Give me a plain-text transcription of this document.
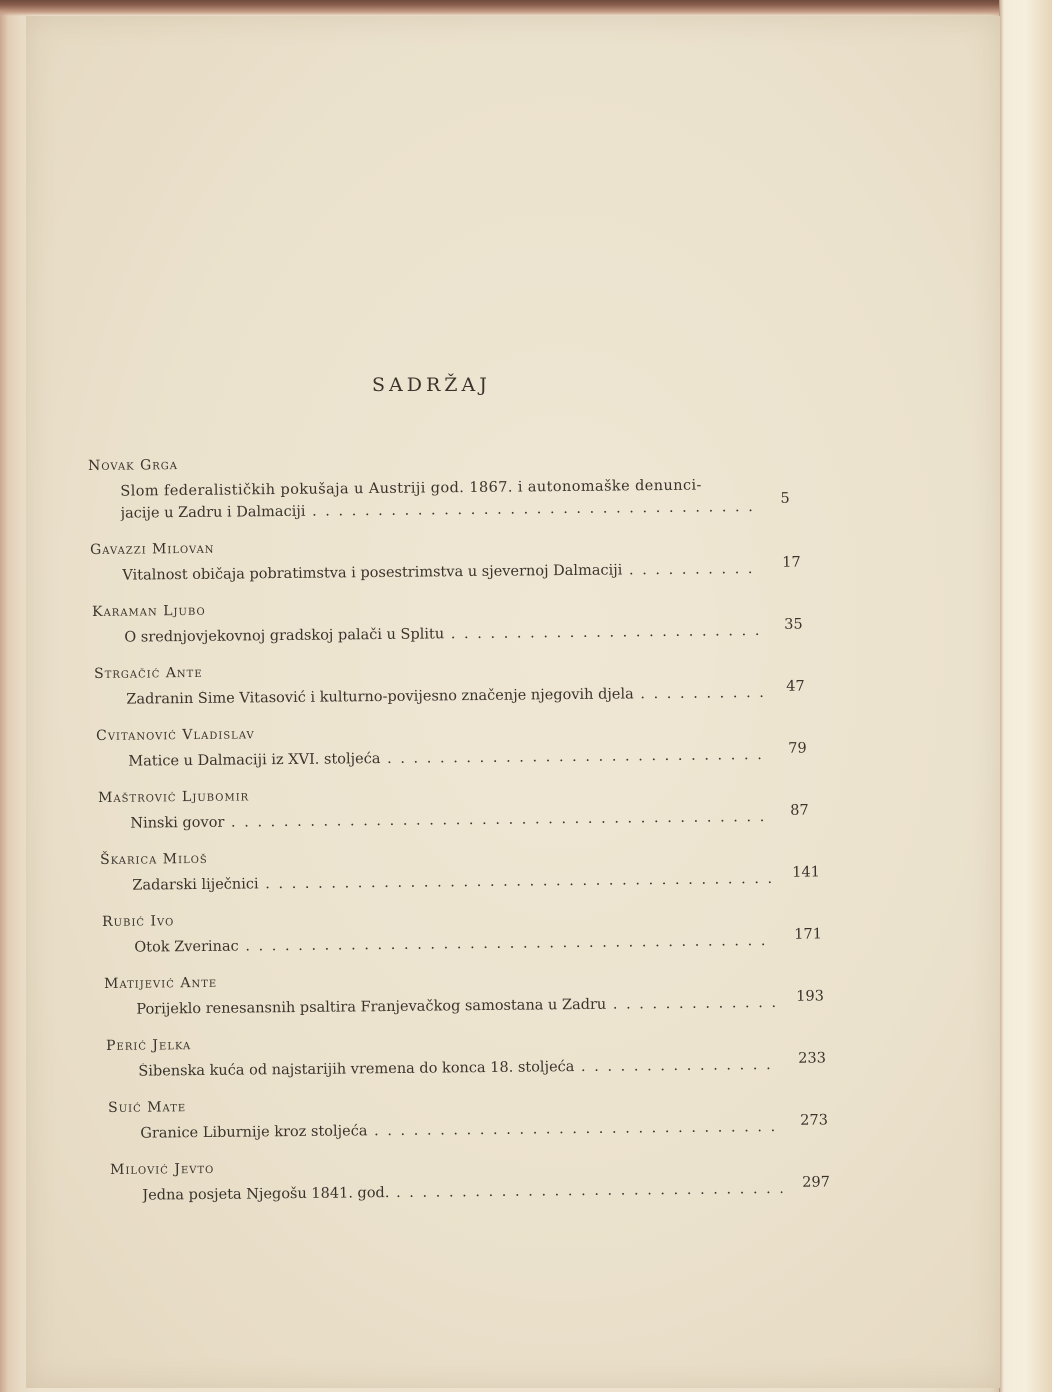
SADRŽAJ
Novak Grga
Slom federalističkih pokušaja u Austriji god. 1867. i autonomaške denunci-
jacije u Zadru i Dalmaciji . . .
5
Gavazzi Milovan
Vitalnost običaja pobratimstva i posestrimstva u sjevernoj Dalmaciji . . .	17
Karaman Ljubo
O srednjovjekovnoj gradskoj palači u Splitu . . .
35
Strgačić Ante
Zadranin Šime Vitasović i kulturno-povijesno značenje njegovih djela . . .	47
Cvitanović Vladislav
Matice u Dalmaciji iz XVI. stoljeća . . .
79
Maštrović Ljubomir
Ninski govor . . .
87
Škarica Miloš
Zadarski liječnici . . .
141
Rubić Ivo
Otok Zverinac . . .
171
Matijević Ante
Porijeklo renesansnih psaltira Franjevačkog samostana u Zadru . . .
193
Perić Jelka
Šibenska kuća od najstarijih vremena do konca 18. stoljeća . . .
233
Suić Mate
Granice Liburnije kroz stoljeća . . .
273
Milović Jevto
Jedna posjeta Njegošu 1841. god. . . .
297
